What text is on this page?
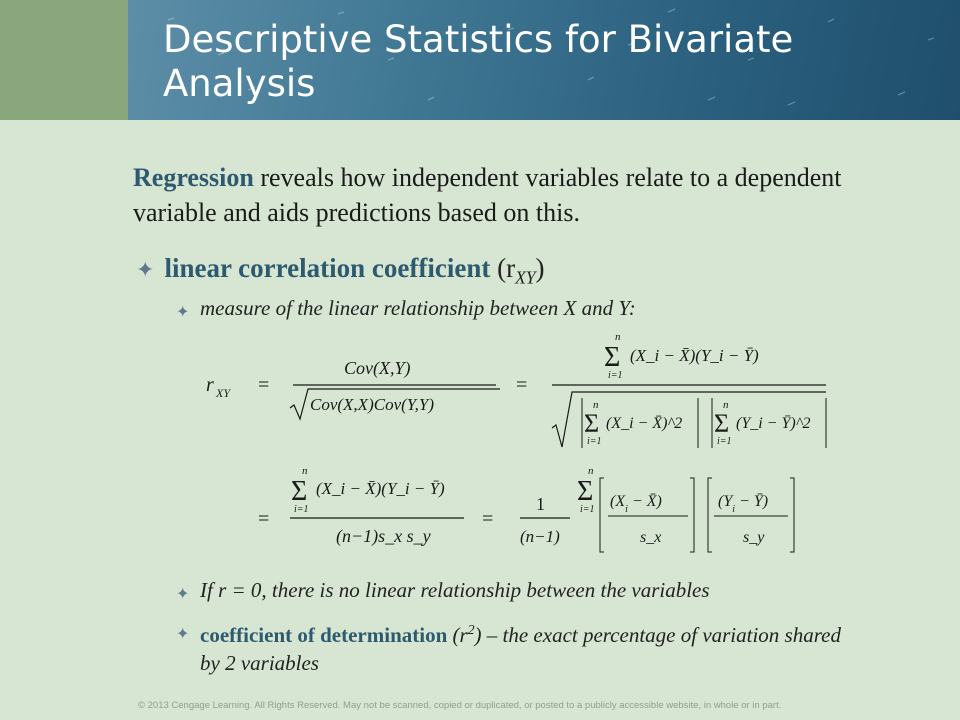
Descriptive Statistics for Bivariate Analysis
Regression reveals how independent variables relate to a dependent variable and aids predictions based on this.
✦ linear correlation coefficient $(r_{XY})$
✦ measure of the linear relationship between X and Y:
r XY =
Cov(X,Y)
Cov(X,X)Cov(Y,Y)
=
n
Σ
i=1
(X_i − X̄)(Y_i − Ȳ)
n
Σ
i=1
(X_i − X̄)^2
n
Σ
i=1
(Y_i − Ȳ)^2
=
n
Σ
i=1
(X_i − X̄)(Y_i − Ȳ)
(n−1)s_x s_y
=
1
(n−1)
n
Σ
i=1 ($X_i$ − X̄)
s_x
($Y_i$ − Ȳ)
s_y
✦ If r = 0, there is no linear relationship between the variables
✦ coefficient of determination $(r^2)$ – the exact percentage of variation shared by 2 variables
© 2013 Cengage Learning. All Rights Reserved. May not be scanned, copied or duplicated, or posted to a publicly accessible website, in whole or in part.
